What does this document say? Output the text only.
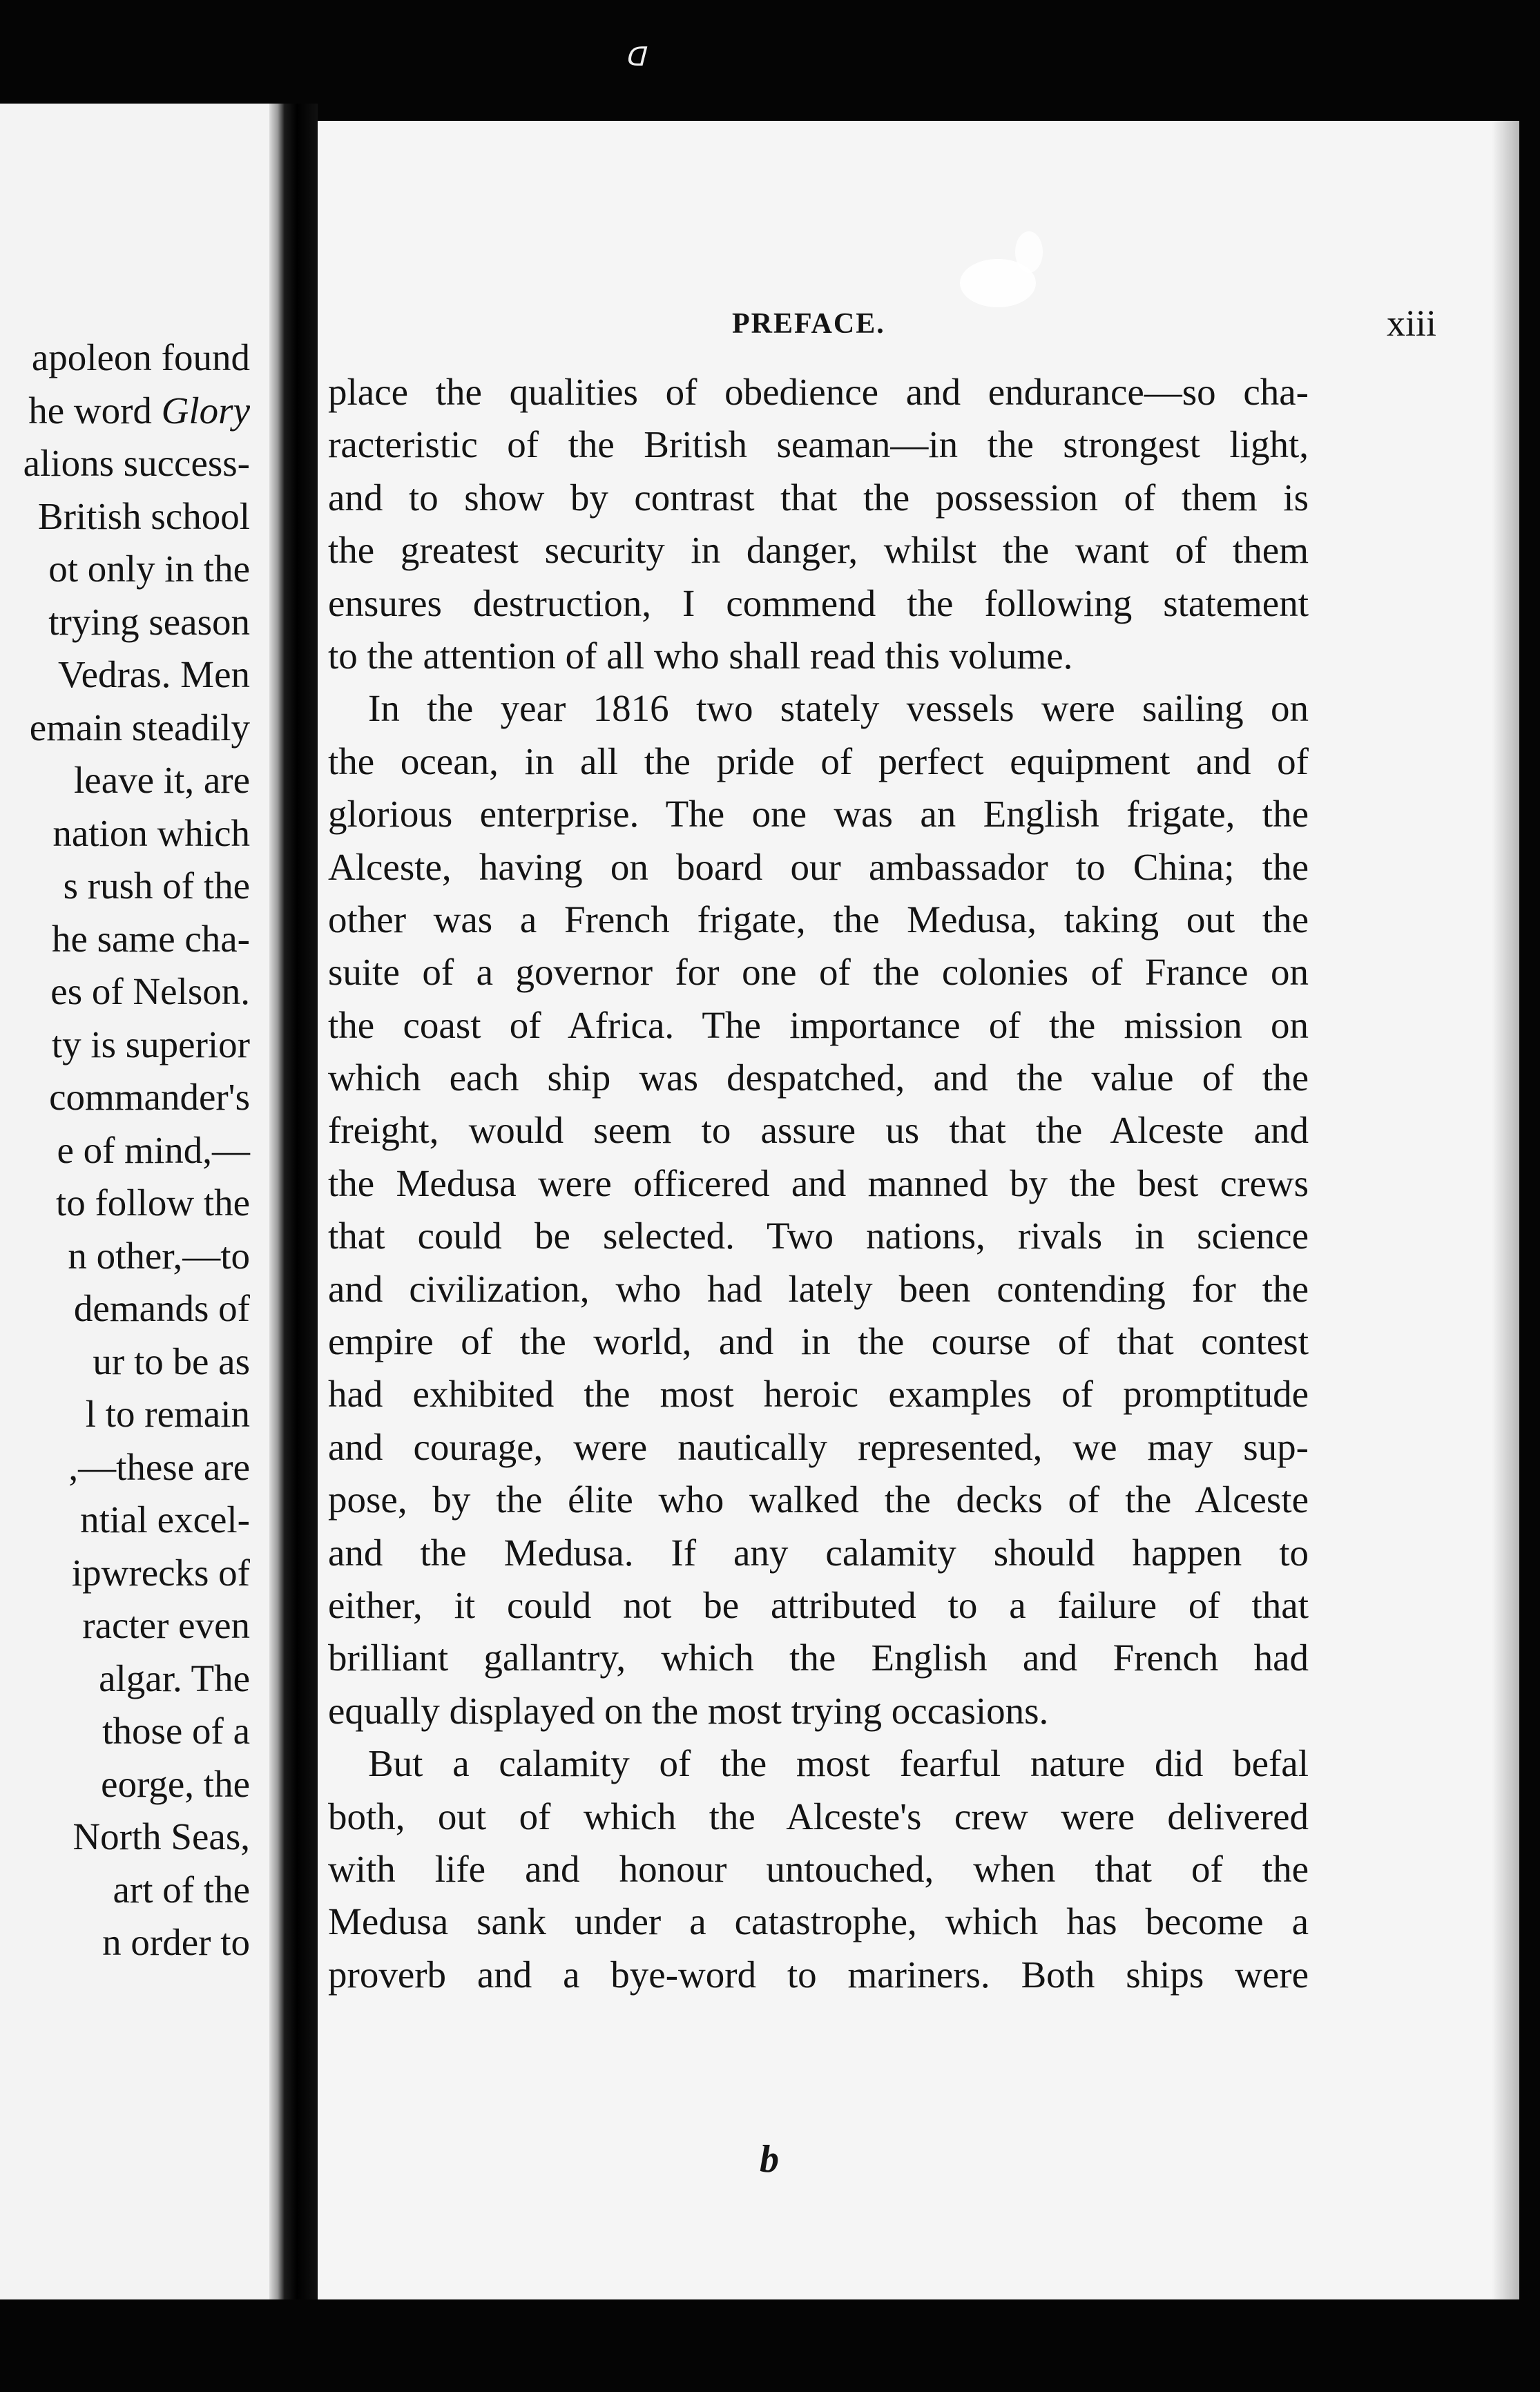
ᗡ
apoleon found
he word Glory
alions success-
British school
ot only in the
trying season
Vedras. Men
emain steadily
leave it, are
nation which
s rush of the
he same cha-
es of Nelson.
ty is superior
commander's
e of mind,—
to follow the
n other,—to
demands of
ur to be as
l to remain
,—these are
ntial excel-
ipwrecks of
racter even
algar. The
those of a
eorge, the
North Seas,
art of the
n order to
PREFACE.	xiii
place the qualities of obedience and endurance—so cha-
racteristic of the British seaman—in the strongest light,
and to show by contrast that the possession of them is
the greatest security in danger, whilst the want of them
ensures destruction, I commend the following statement
to the attention of all who shall read this volume.
In the year 1816 two stately vessels were sailing on
the ocean, in all the pride of perfect equipment and of
glorious enterprise. The one was an English frigate, the
Alceste, having on board our ambassador to China; the
other was a French frigate, the Medusa, taking out the
suite of a governor for one of the colonies of France on
the coast of Africa. The importance of the mission on
which each ship was despatched, and the value of the
freight, would seem to assure us that the Alceste and
the Medusa were officered and manned by the best crews
that could be selected. Two nations, rivals in science
and civilization, who had lately been contending for the
empire of the world, and in the course of that contest
had exhibited the most heroic examples of promptitude
and courage, were nautically represented, we may sup-
pose, by the élite who walked the decks of the Alceste
and the Medusa. If any calamity should happen to
either, it could not be attributed to a failure of that
brilliant gallantry, which the English and French had
equally displayed on the most trying occasions.
But a calamity of the most fearful nature did befal
both, out of which the Alceste's crew were delivered
with life and honour untouched, when that of the
Medusa sank under a catastrophe, which has become a
proverb and a bye-word to mariners. Both ships were
b
